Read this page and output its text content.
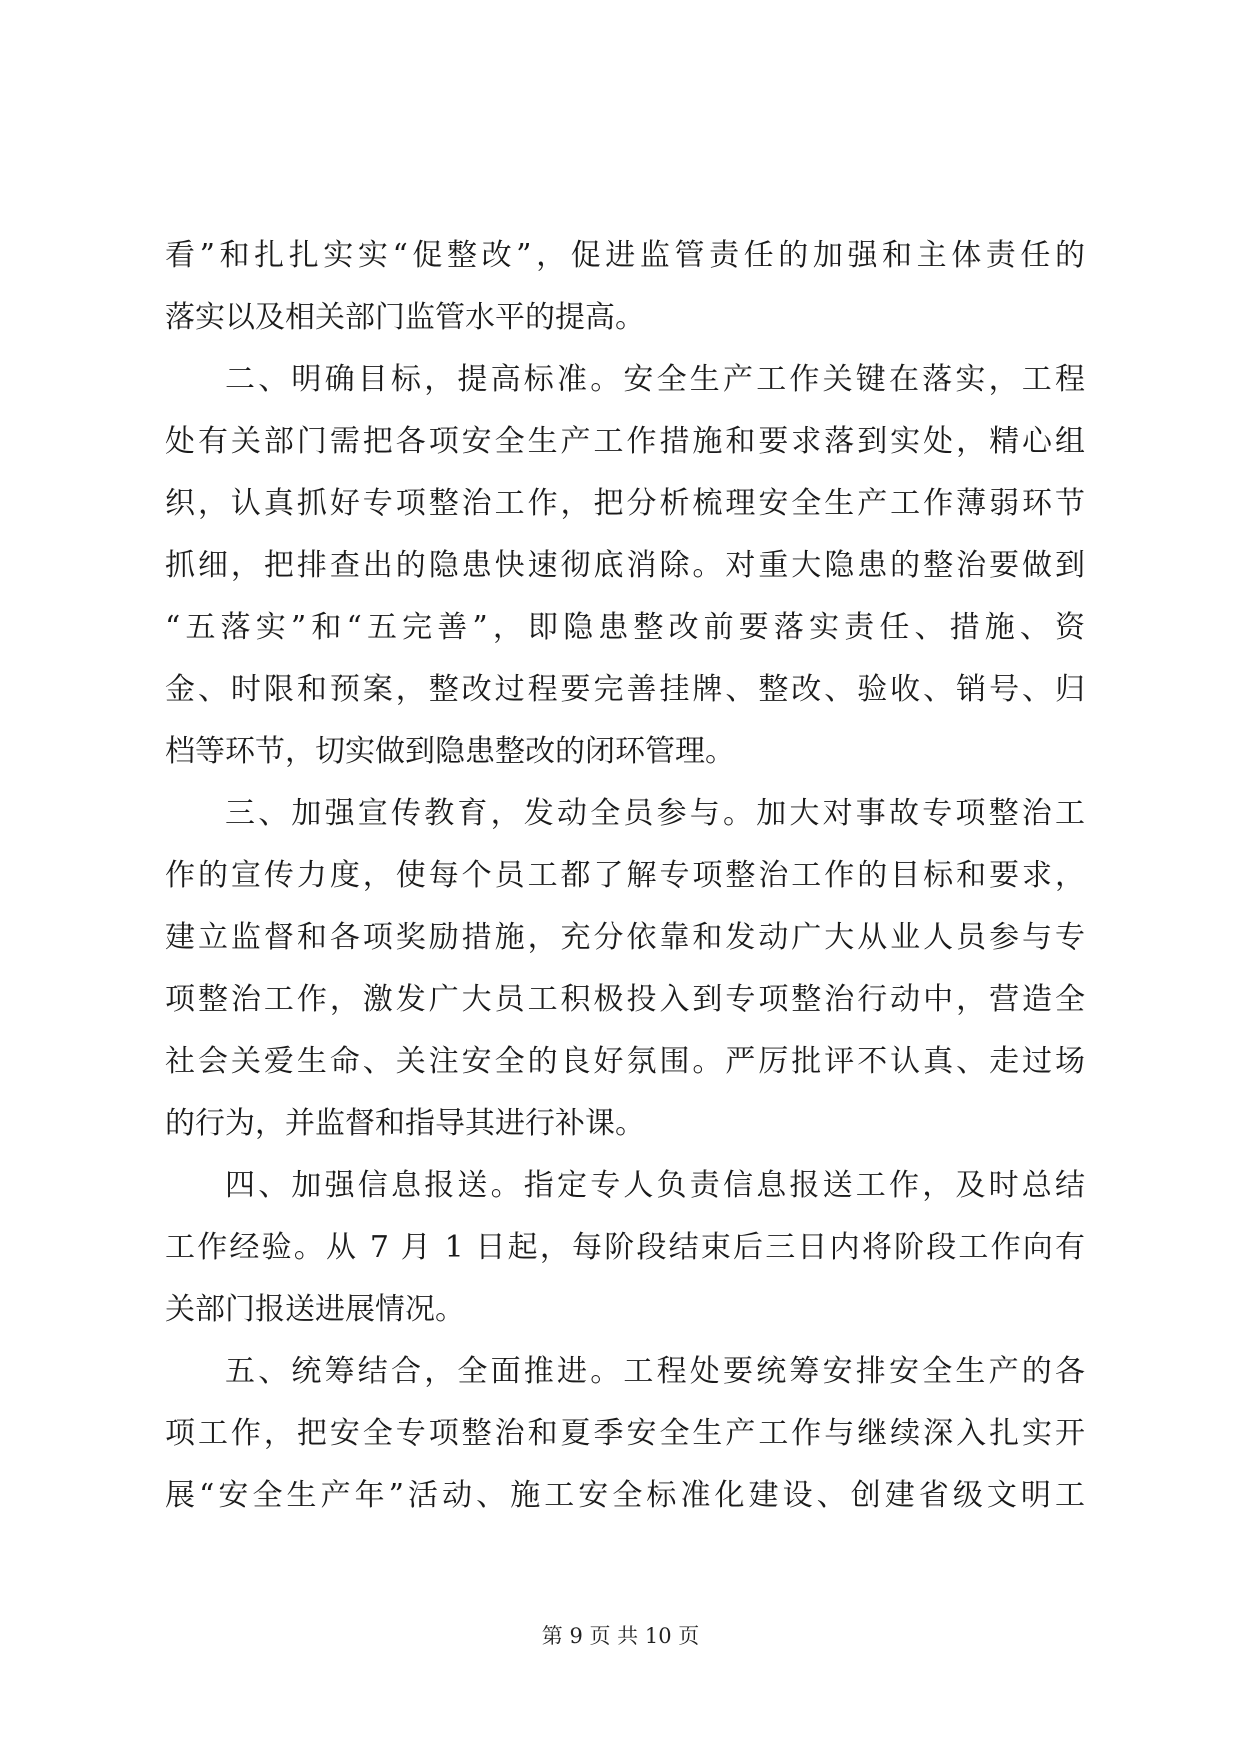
看”和扎扎实实“促整改”，促进监管责任的加强和主体责任的
落实以及相关部门监管水平的提高。
二、明确目标，提高标准。安全生产工作关键在落实，工程
处有关部门需把各项安全生产工作措施和要求落到实处，精心组
织，认真抓好专项整治工作，把分析梳理安全生产工作薄弱环节
抓细，把排查出的隐患快速彻底消除。对重大隐患的整治要做到
“五落实”和“五完善”，即隐患整改前要落实责任、措施、资
金、时限和预案，整改过程要完善挂牌、整改、验收、销号、归
档等环节，切实做到隐患整改的闭环管理。
三、加强宣传教育，发动全员参与。加大对事故专项整治工
作的宣传力度，使每个员工都了解专项整治工作的目标和要求，
建立监督和各项奖励措施，充分依靠和发动广大从业人员参与专
项整治工作，激发广大员工积极投入到专项整治行动中，营造全
社会关爱生命、关注安全的良好氛围。严厉批评不认真、走过场
的行为，并监督和指导其进行补课。
四、加强信息报送。指定专人负责信息报送工作，及时总结
工作经验。从 7 月 1 日起，每阶段结束后三日内将阶段工作向有
关部门报送进展情况。
五、统筹结合，全面推进。工程处要统筹安排安全生产的各
项工作，把安全专项整治和夏季安全生产工作与继续深入扎实开
展“安全生产年”活动、施工安全标准化建设、创建省级文明工
第 9 页 共 10 页
